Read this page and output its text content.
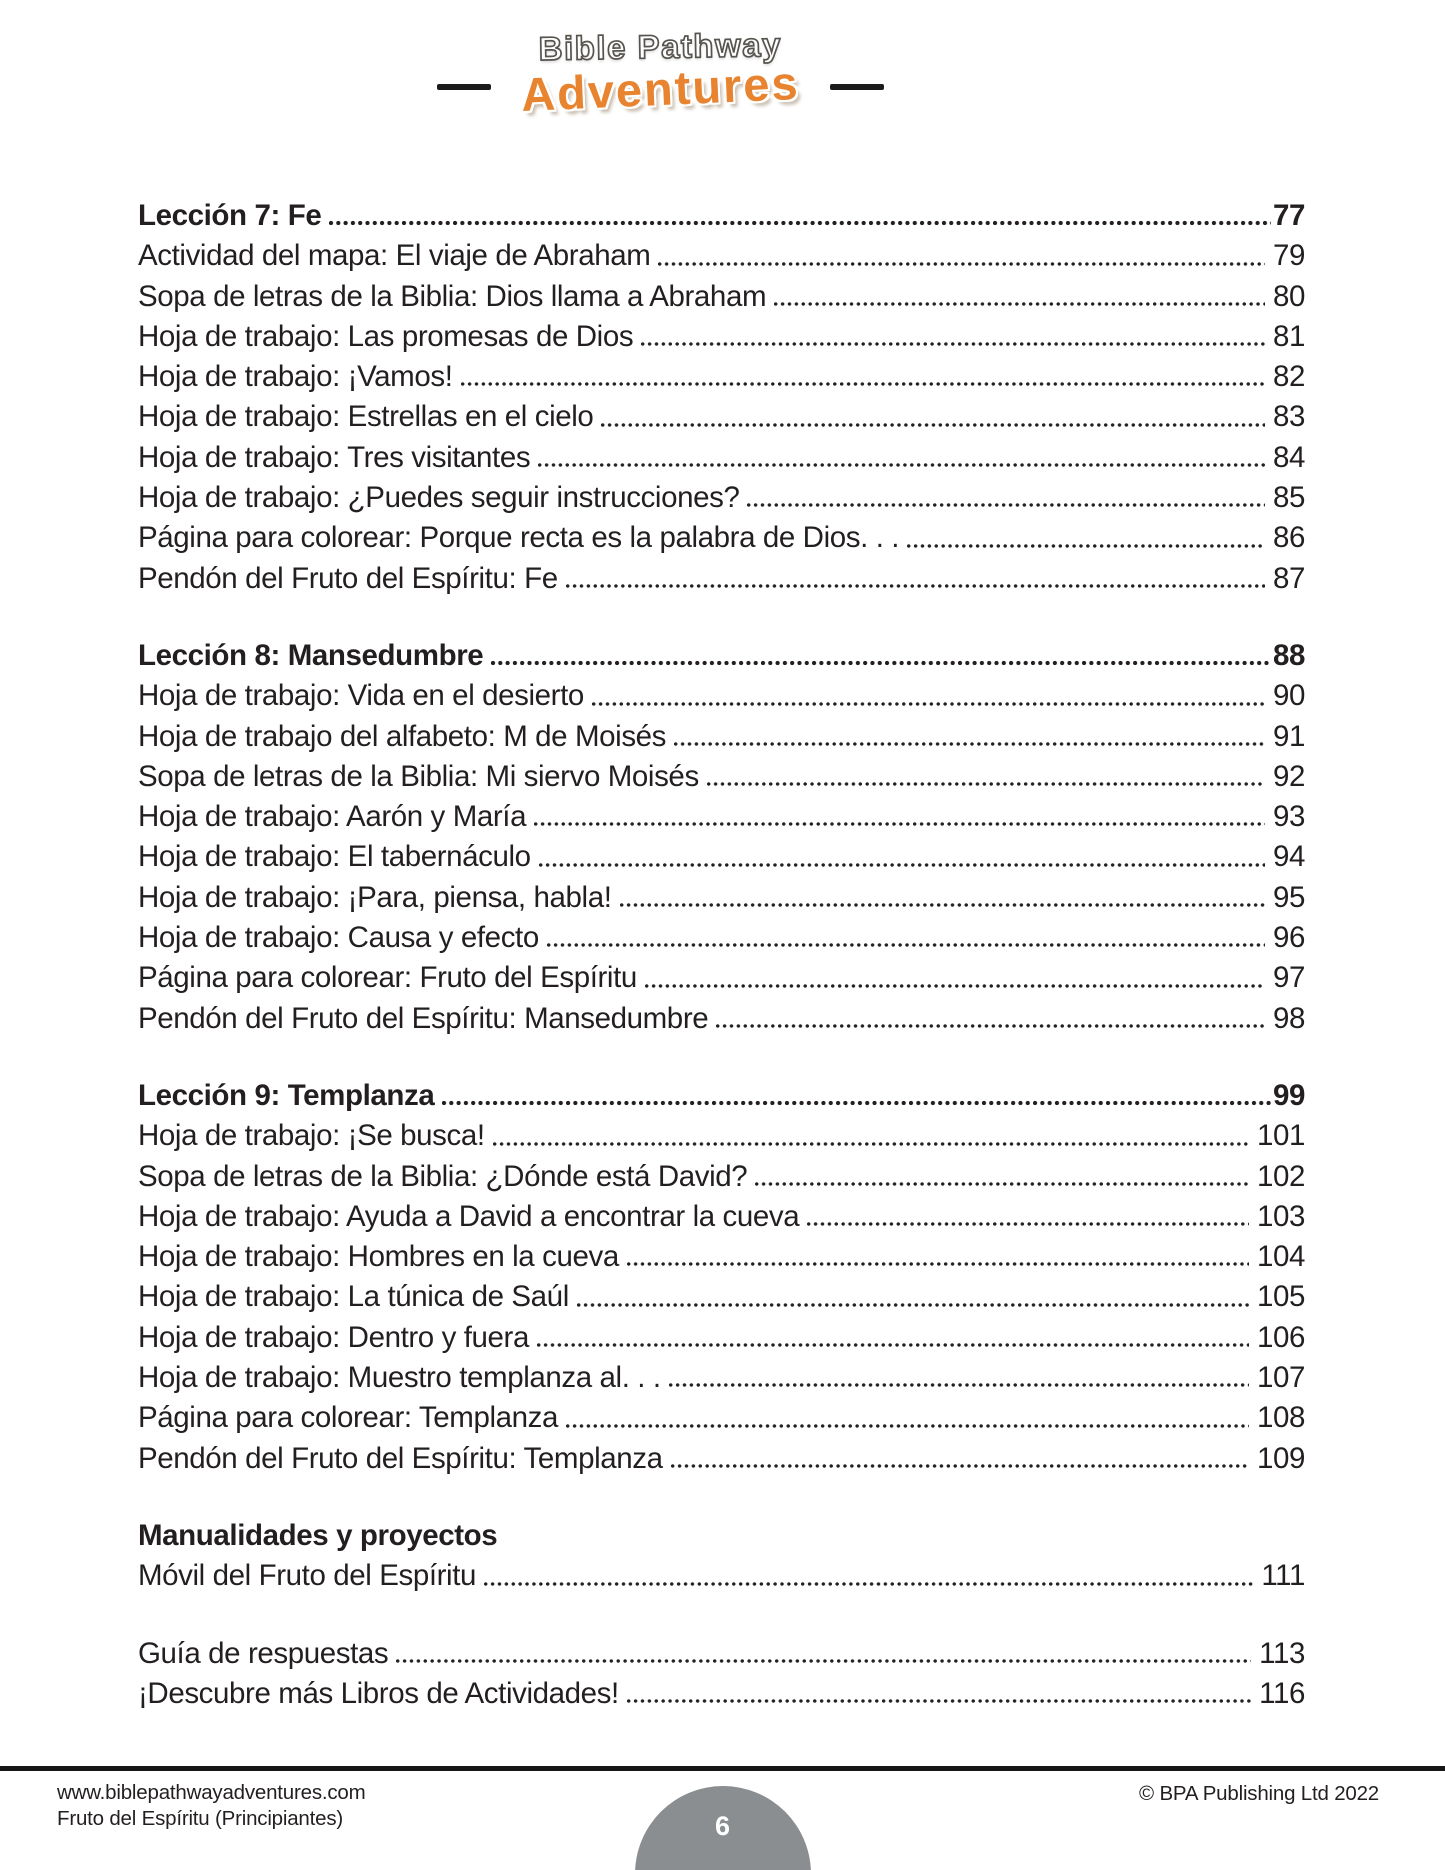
Bible Pathway
Adventures
Lección 7: Fe	77
Actividad del mapa: El viaje de Abraham	79
Sopa de letras de la Biblia: Dios llama a Abraham	80
Hoja de trabajo: Las promesas de Dios	81
Hoja de trabajo: ¡Vamos!	82
Hoja de trabajo: Estrellas en el cielo	83
Hoja de trabajo: Tres visitantes	84
Hoja de trabajo: ¿Puedes seguir instrucciones?	85
Página para colorear: Porque recta es la palabra de Dios. . .	86
Pendón del Fruto del Espíritu: Fe	87
Lección 8: Mansedumbre	88
Hoja de trabajo: Vida en el desierto	90
Hoja de trabajo del alfabeto: M de Moisés	91
Sopa de letras de la Biblia: Mi siervo Moisés	92
Hoja de trabajo: Aarón y María	93
Hoja de trabajo: El tabernáculo	94
Hoja de trabajo: ¡Para, piensa, habla!	95
Hoja de trabajo: Causa y efecto	96
Página para colorear: Fruto del Espíritu	97
Pendón del Fruto del Espíritu: Mansedumbre	98
Lección 9: Templanza	99
Hoja de trabajo: ¡Se busca!	101
Sopa de letras de la Biblia: ¿Dónde está David?	102
Hoja de trabajo: Ayuda a David a encontrar la cueva	103
Hoja de trabajo: Hombres en la cueva	104
Hoja de trabajo: La túnica de Saúl	105
Hoja de trabajo: Dentro y fuera	106
Hoja de trabajo: Muestro templanza al. . .	107
Página para colorear: Templanza	108
Pendón del Fruto del Espíritu: Templanza	109
Manualidades y proyectos
Móvil del Fruto del Espíritu	111
Guía de respuestas	113
¡Descubre más Libros de Actividades!	116
www.biblepathwayadventures.com
Fruto del Espíritu (Principiantes)
© BPA Publishing Ltd 2022
6
